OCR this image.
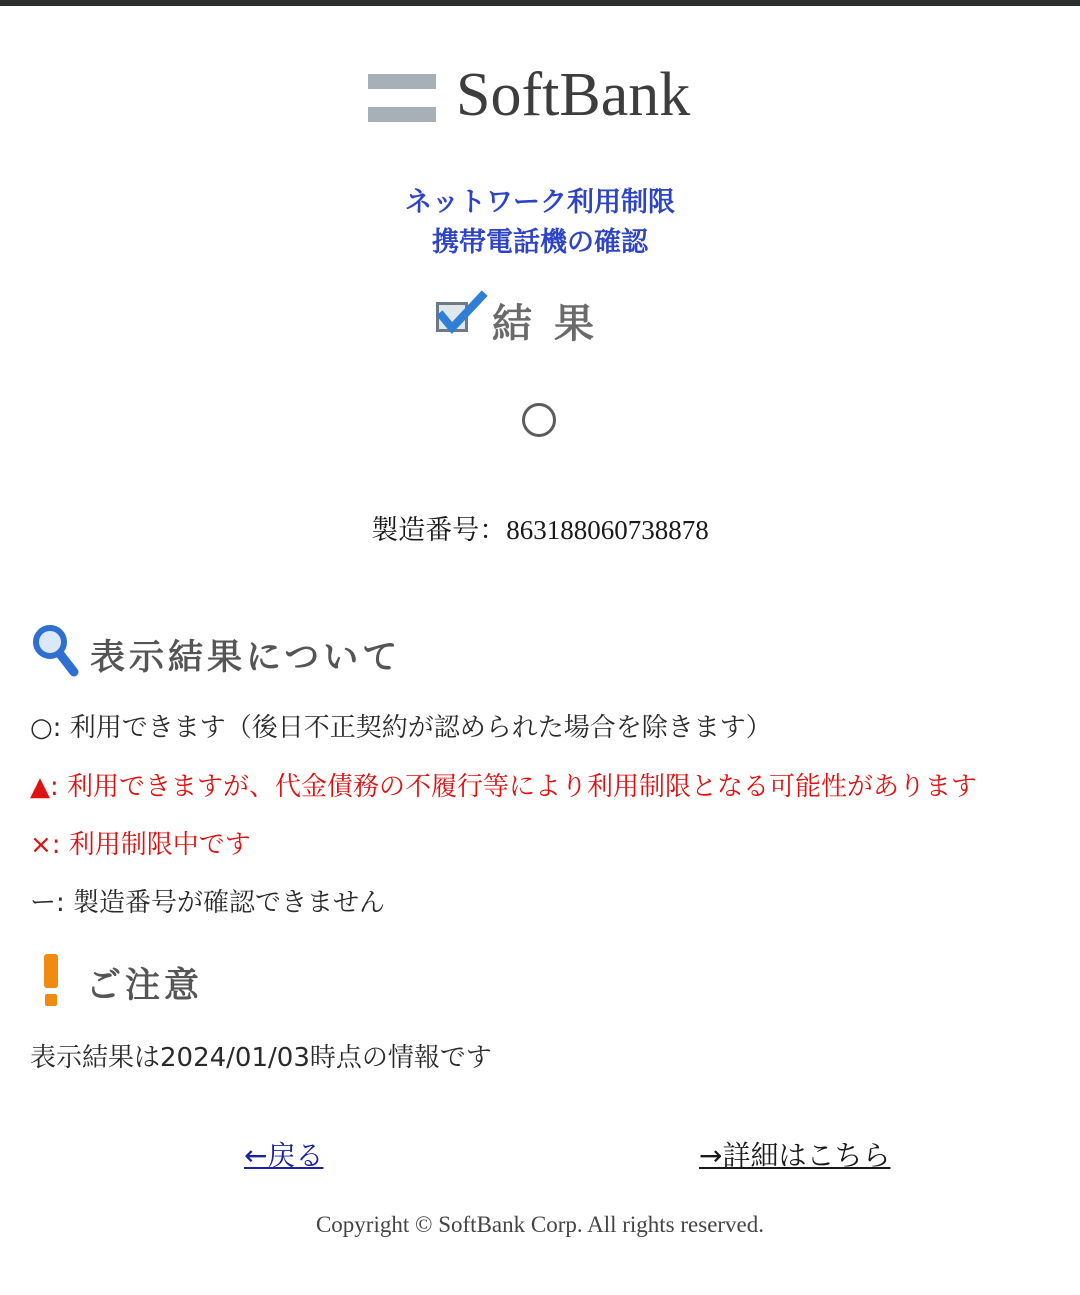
SoftBank
ネットワーク利用制限
携帯電話機の確認
結果
製造番号：863188060738878
表示結果について
○: 利用できます（後日不正契約が認められた場合を除きます）
▲: 利用できますが、代金債務の不履行等により利用制限となる可能性があります
×: 利用制限中です
ー: 製造番号が確認できません
ご注意
表示結果は2024/01/03時点の情報です
←戻る	→詳細はこちら
Copyright © SoftBank Corp. All rights reserved.
